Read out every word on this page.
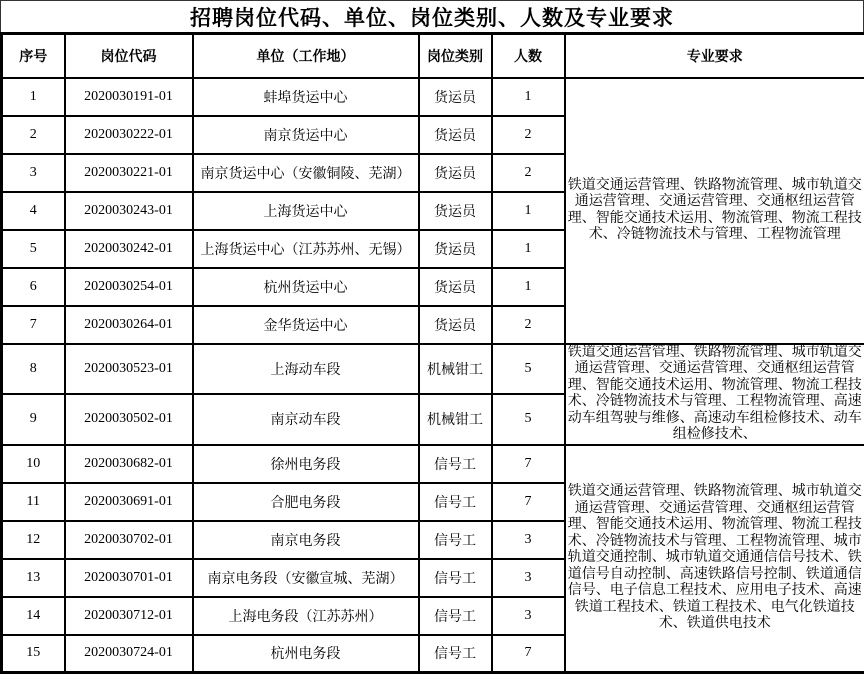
招聘岗位代码、单位、岗位类别、人数及专业要求
序号	岗位代码	单位（工作地）	岗位类别	人数	专业要求
1	2020030191-01	蚌埠货运中心	货运员	1	铁道交通运营管理、铁路物流管理、城市轨道交通运营管理、交通运营管理、交通枢纽运营管理、智能交通技术运用、物流管理、物流工程技术、冷链物流技术与管理、工程物流管理
2	2020030222-01	南京货运中心	货运员	2	
3	2020030221-01	南京货运中心（安徽铜陵、芜湖）	货运员	2	
4	2020030243-01	上海货运中心	货运员	1	
5	2020030242-01	上海货运中心（江苏苏州、无锡）	货运员	1	
6	2020030254-01	杭州货运中心	货运员	1	
7	2020030264-01	金华货运中心	货运员	2	
8	2020030523-01	上海动车段	机械钳工	5	铁道交通运营管理、铁路物流管理、城市轨道交通运营管理、交通运营管理、交通枢纽运营管理、智能交通技术运用、物流管理、物流工程技术、冷链物流技术与管理、工程物流管理、高速动车组驾驶与维修、高速动车组检修技术、动车组检修技术、
9	2020030502-01	南京动车段	机械钳工	5	
10	2020030682-01	徐州电务段	信号工	7	铁道交通运营管理、铁路物流管理、城市轨道交通运营管理、交通运营管理、交通枢纽运营管理、智能交通技术运用、物流管理、物流工程技术、冷链物流技术与管理、工程物流管理、城市轨道交通控制、城市轨道交通通信信号技术、铁道信号自动控制、高速铁路信号控制、铁道通信信号、电子信息工程技术、应用电子技术、高速铁道工程技术、铁道工程技术、电气化铁道技术、铁道供电技术
11	2020030691-01	合肥电务段	信号工	7	
12	2020030702-01	南京电务段	信号工	3	
13	2020030701-01	南京电务段（安徽宣城、芜湖）	信号工	3	
14	2020030712-01	上海电务段（江苏苏州）	信号工	3	
15	2020030724-01	杭州电务段	信号工	7	
